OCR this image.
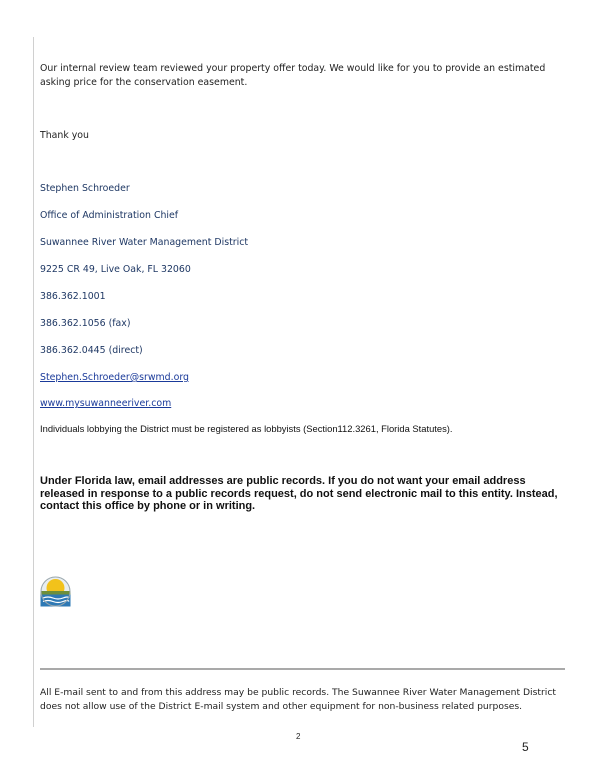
Our internal review team reviewed your property offer today. We would like for you to provide an estimated asking price for the conservation easement.
Thank you
Stephen Schroeder
Office of Administration Chief
Suwannee River Water Management District
9225 CR 49, Live Oak, FL 32060
386.362.1001
386.362.1056 (fax)
386.362.0445 (direct)
Stephen.Schroeder@srwmd.org
www.mysuwanneeriver.com
Individuals lobbying the District must be registered as lobbyists (Section112.3261, Florida Statutes).
Under Florida law, email addresses are public records. If you do not want your email address released in response to a public records request, do not send electronic mail to this entity. Instead, contact this office by phone or in writing.
All E-mail sent to and from this address may be public records. The Suwannee River Water Management District does not allow use of the District E-mail system and other equipment for non-business related purposes.
2
5
